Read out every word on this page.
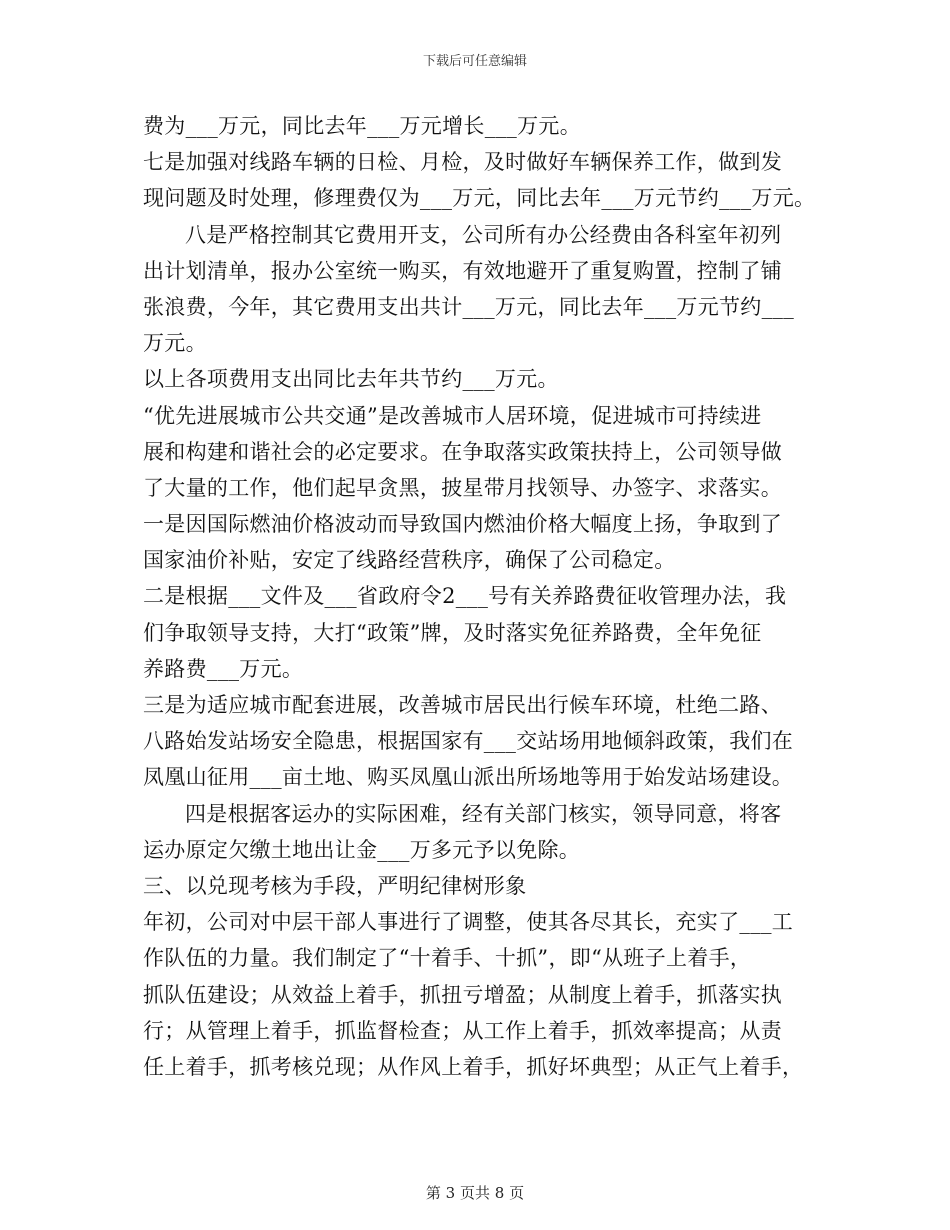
下载后可任意编辑
费为___万元，同比去年___万元增长___万元。
七是加强对线路车辆的日检、月检，及时做好车辆保养工作，做到发
现问题及时处理，修理费仅为___万元，同比去年___万元节约___万元。
八是严格控制其它费用开支，公司所有办公经费由各科室年初列
出计划清单，报办公室统一购买，有效地避开了重复购置，控制了铺
张浪费，今年，其它费用支出共计___万元，同比去年___万元节约___
万元。
以上各项费用支出同比去年共节约___万元。
“优先进展城市公共交通”是改善城市人居环境，促进城市可持续进
展和构建和谐社会的必定要求。在争取落实政策扶持上，公司领导做
了大量的工作，他们起早贪黑，披星带月找领导、办签字、求落实。
一是因国际燃油价格波动而导致国内燃油价格大幅度上扬，争取到了
国家油价补贴，安定了线路经营秩序，确保了公司稳定。
二是根据___文件及___省政府令2___号有关养路费征收管理办法，我
们争取领导支持，大打“政策”牌，及时落实免征养路费，全年免征
养路费___万元。
三是为适应城市配套进展，改善城市居民出行候车环境，杜绝二路、
八路始发站场安全隐患，根据国家有___交站场用地倾斜政策，我们在
凤凰山征用___亩土地、购买凤凰山派出所场地等用于始发站场建设。
四是根据客运办的实际困难，经有关部门核实，领导同意，将客
运办原定欠缴土地出让金___万多元予以免除。
三、以兑现考核为手段，严明纪律树形象
年初，公司对中层干部人事进行了调整，使其各尽其长，充实了___工
作队伍的力量。我们制定了“十着手、十抓”，即“从班子上着手，
抓队伍建设；从效益上着手，抓扭亏增盈；从制度上着手，抓落实执
行；从管理上着手，抓监督检查；从工作上着手，抓效率提高；从责
任上着手，抓考核兑现；从作风上着手，抓好坏典型；从正气上着手，
第 3 页共 8 页
